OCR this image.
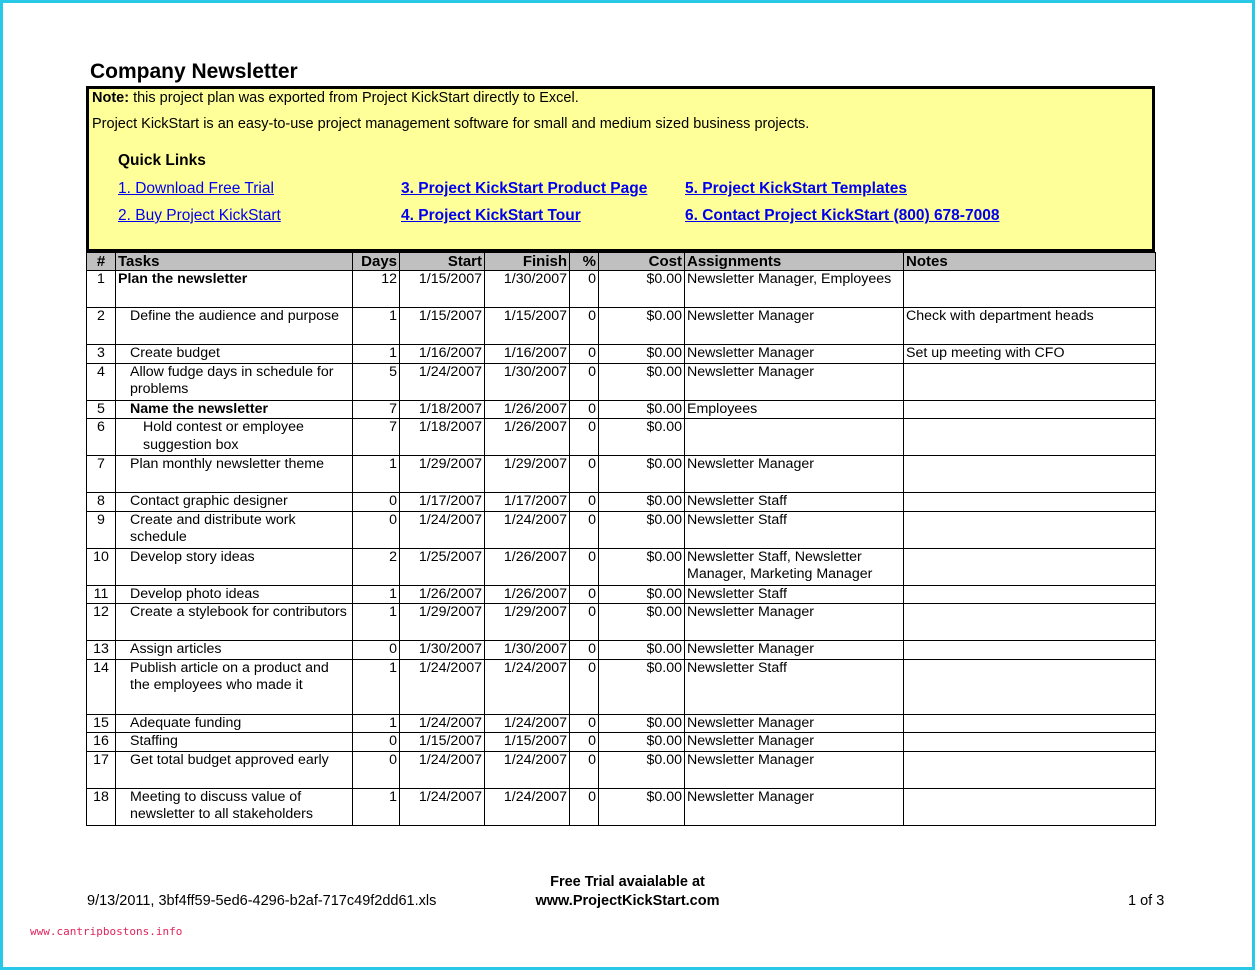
Company Newsletter
Note: this project plan was exported from Project KickStart directly to Excel.
Project KickStart is an easy-to-use project management software for small and medium sized business projects.
Quick Links
1. Download Free Trial
2. Buy Project KickStart
3. Project KickStart Product Page
4. Project KickStart Tour
5. Project KickStart Templates
6. Contact Project KickStart (800) 678-7008
#	Tasks	Days	Start	Finish	%	Cost	Assignments	Notes
1	Plan the newsletter	12	1/15/2007	1/30/2007	0	$0.00	Newsletter Manager, Employees	
2	Define the audience and purpose	1	1/15/2007	1/15/2007	0	$0.00	Newsletter Manager	Check with department heads
3	Create budget	1	1/16/2007	1/16/2007	0	$0.00	Newsletter Manager	Set up meeting with CFO
4	Allow fudge days in schedule for problems	5	1/24/2007	1/30/2007	0	$0.00	Newsletter Manager	
5	Name the newsletter	7	1/18/2007	1/26/2007	0	$0.00	Employees	
6	Hold contest or employee suggestion box	7	1/18/2007	1/26/2007	0	$0.00		
7	Plan monthly newsletter theme	1	1/29/2007	1/29/2007	0	$0.00	Newsletter Manager	
8	Contact graphic designer	0	1/17/2007	1/17/2007	0	$0.00	Newsletter Staff	
9	Create and distribute work schedule	0	1/24/2007	1/24/2007	0	$0.00	Newsletter Staff	
10	Develop story ideas	2	1/25/2007	1/26/2007	0	$0.00	Newsletter Staff, Newsletter Manager, Marketing Manager	
11	Develop photo ideas	1	1/26/2007	1/26/2007	0	$0.00	Newsletter Staff	
12	Create a stylebook for contributors	1	1/29/2007	1/29/2007	0	$0.00	Newsletter Manager	
13	Assign articles	0	1/30/2007	1/30/2007	0	$0.00	Newsletter Manager	
14	Publish article on a product and the employees who made it	1	1/24/2007	1/24/2007	0	$0.00	Newsletter Staff	
15	Adequate funding	1	1/24/2007	1/24/2007	0	$0.00	Newsletter Manager	
16	Staffing	0	1/15/2007	1/15/2007	0	$0.00	Newsletter Manager	
17	Get total budget approved early	0	1/24/2007	1/24/2007	0	$0.00	Newsletter Manager	
18	Meeting to discuss value of newsletter to all stakeholders	1	1/24/2007	1/24/2007	0	$0.00	Newsletter Manager	
9/13/2011, 3bf4ff59-5ed6-4296-b2af-717c49f2dd61.xls
Free Trial avaialable at
www.ProjectKickStart.com	1 of 3
www.cantripbostons.info
